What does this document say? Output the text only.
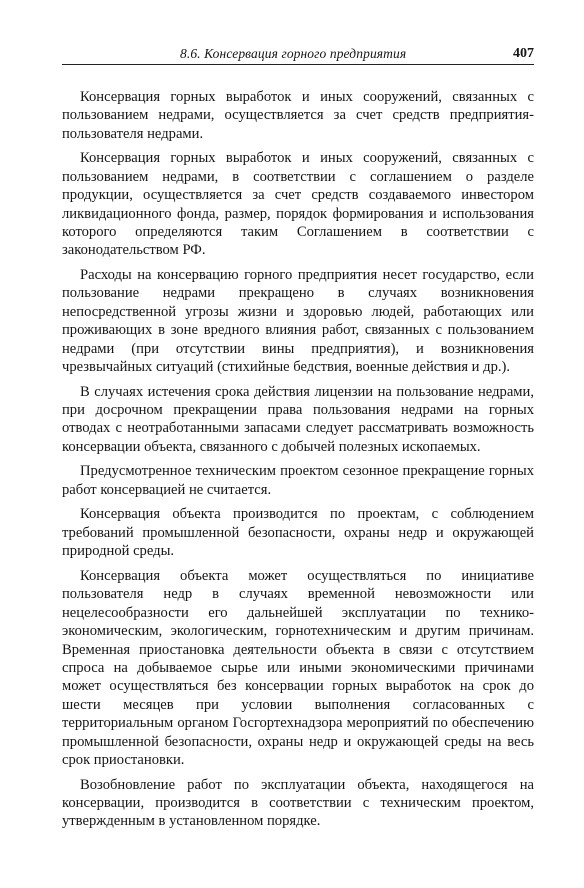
8.6. Консервация горного предприятия	407

Консервация горных выработок и иных сооружений, связанных с пользованием недрами, осуществляется за счет средств предприятия-пользователя недрами.

Консервация горных выработок и иных сооружений, связанных с пользованием недрами, в соответствии с соглашением о разделе продукции, осуществляется за счет средств создаваемого инвестором ликвидационного фонда, размер, порядок формирования и использования которого определяются таким Соглашением в соответствии с законодательством РФ.

Расходы на консервацию горного предприятия несет государство, если пользование недрами прекращено в случаях возникновения непосредственной угрозы жизни и здоровью людей, работающих или проживающих в зоне вредного влияния работ, связанных с пользованием недрами (при отсутствии вины предприятия), и возникновения чрезвычайных ситуаций (стихийные бедствия, военные действия и др.).

В случаях истечения срока действия лицензии на пользование недрами, при досрочном прекращении права пользования недрами на горных отводах с неотработанными запасами следует рассматривать возможность консервации объекта, связанного с добычей полезных ископаемых.

Предусмотренное техническим проектом сезонное прекращение горных работ консервацией не считается.

Консервация объекта производится по проектам, с соблюдением требований промышленной безопасности, охраны недр и окружающей природной среды.

Консервация объекта может осуществляться по инициативе пользователя недр в случаях временной невозможности или нецелесообразности его дальнейшей эксплуатации по технико-экономическим, экологическим, горнотехническим и другим причинам. Временная приостановка деятельности объекта в связи с отсутствием спроса на добываемое сырье или иными экономическими причинами может осуществляться без консервации горных выработок на срок до шести месяцев при условии выполнения согласованных с территориальным органом Госгортехнадзора мероприятий по обеспечению промышленной безопасности, охраны недр и окружающей среды на весь срок приостановки.

Возобновление работ по эксплуатации объекта, находящегося на консервации, производится в соответствии с техническим проектом, утвержденным в установленном порядке.
